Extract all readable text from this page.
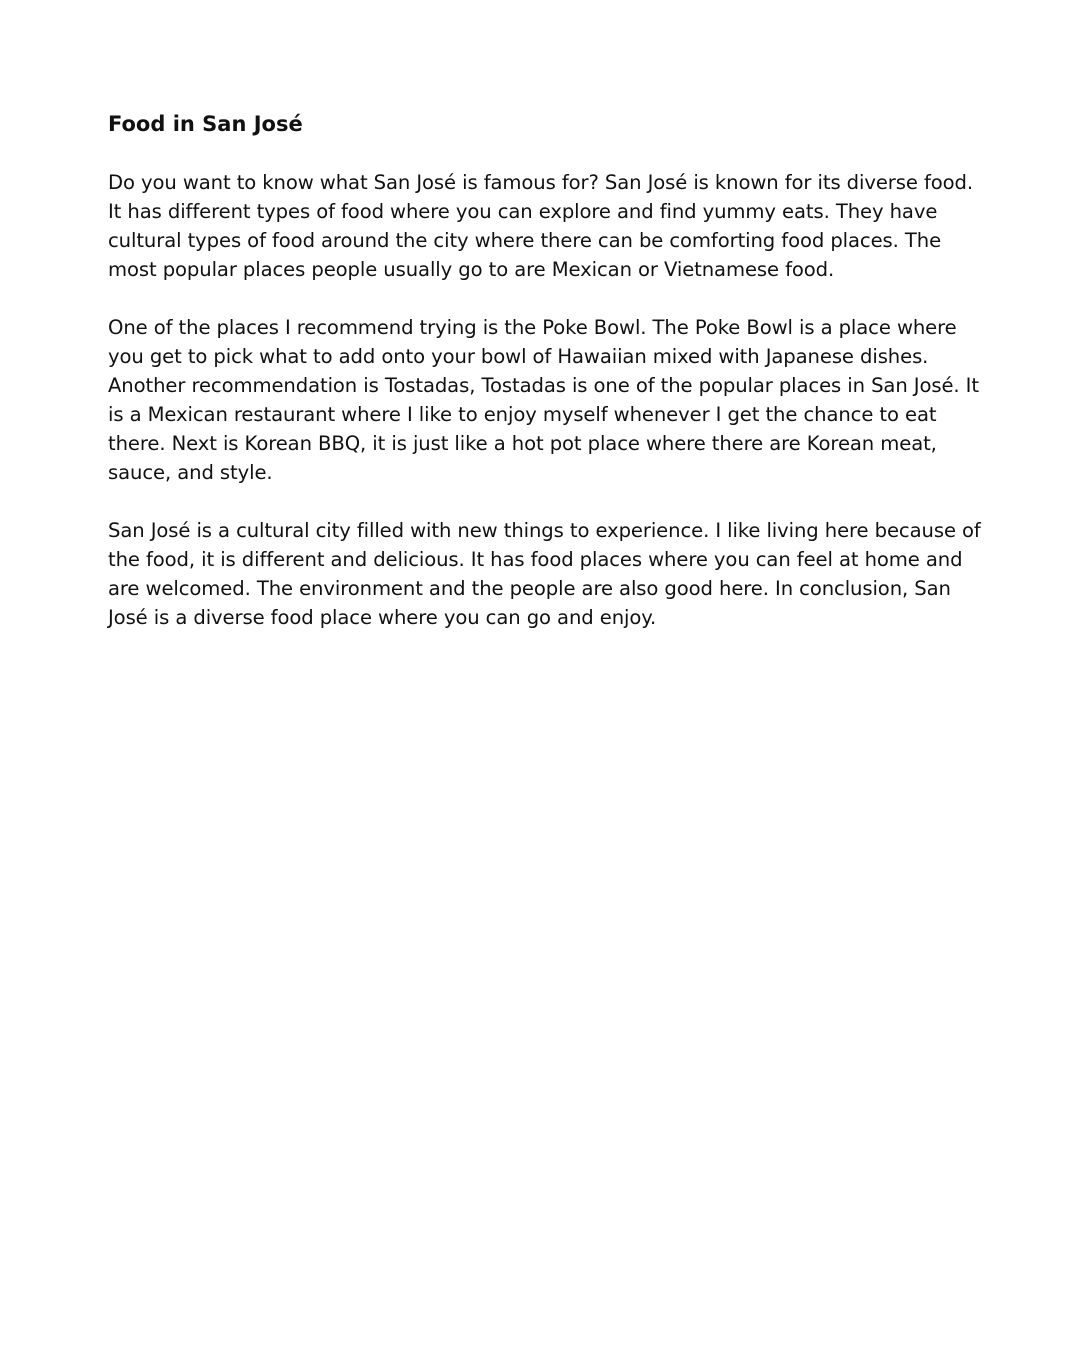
Food in San José

Do you want to know what San José is famous for? San José is known for its diverse food. It has different types of food where you can explore and find yummy eats. They have cultural types of food around the city where there can be comforting food places. The most popular places people usually go to are Mexican or Vietnamese food.

One of the places I recommend trying is the Poke Bowl. The Poke Bowl is a place where you get to pick what to add onto your bowl of Hawaiian mixed with Japanese dishes. Another recommendation is Tostadas, Tostadas is one of the popular places in San José. It is a Mexican restaurant where I like to enjoy myself whenever I get the chance to eat there. Next is Korean BBQ, it is just like a hot pot place where there are Korean meat, sauce, and style.

San José is a cultural city filled with new things to experience. I like living here because of the food, it is different and delicious. It has food places where you can feel at home and are welcomed. The environment and the people are also good here. In conclusion, San José is a diverse food place where you can go and enjoy.
